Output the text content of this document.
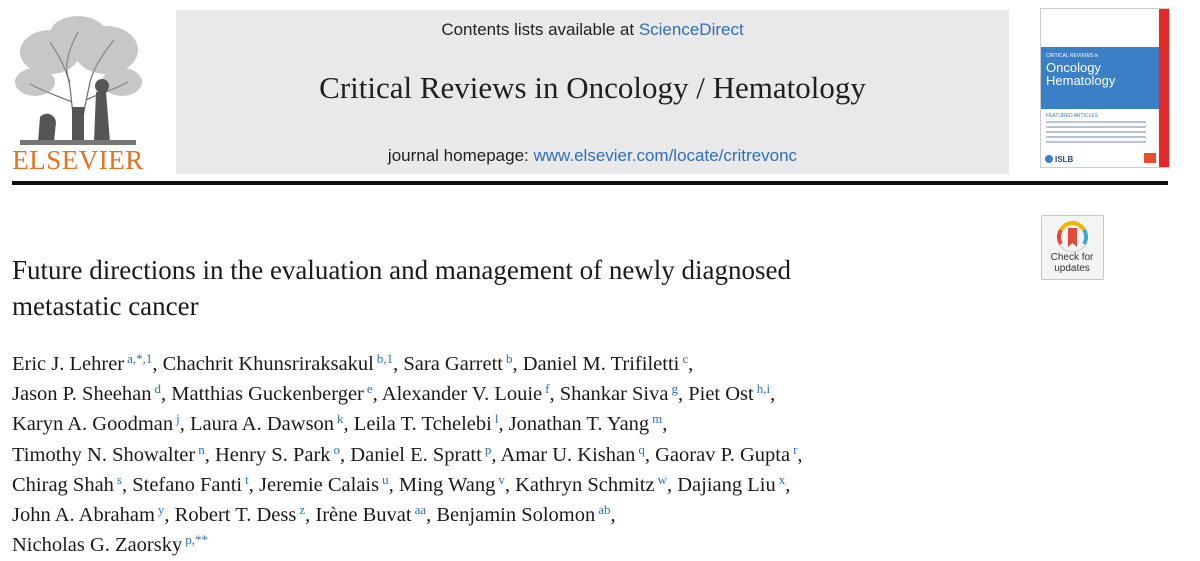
ELSEVIER
Contents lists available at ScienceDirect
Critical Reviews in Oncology / Hematology
journal homepage: www.elsevier.com/locate/critrevonc
CRITICAL REVIEWS in
Oncology
Hematology
FEATURED ARTICLES
ISLB
Check for
updates
Future directions in the evaluation and management of newly diagnosed
metastatic cancer
Eric J. Lehrer $^{a,*,1}$, Chachrit Khunsriraksakul $^{b,1}$, Sara Garrett $^b$, Daniel M. Trifiletti $^c$,
Jason P. Sheehan $^d$, Matthias Guckenberger $^e$, Alexander V. Louie $^f$, Shankar Siva $^g$, Piet Ost $^{h,i}$,
Karyn A. Goodman $^j$, Laura A. Dawson $^k$, Leila T. Tchelebi $^l$, Jonathan T. Yang $^m$,
Timothy N. Showalter $^n$, Henry S. Park $^o$, Daniel E. Spratt $^p$, Amar U. Kishan $^q$, Gaorav P. Gupta $^r$,
Chirag Shah $^s$, Stefano Fanti $^t$, Jeremie Calais $^u$, Ming Wang $^v$, Kathryn Schmitz $^w$, Dajiang Liu $^x$,
John A. Abraham $^y$, Robert T. Dess $^z$, Irène Buvat $^{aa}$, Benjamin Solomon $^{ab}$,
Nicholas G. Zaorsky $^{p,**}$
